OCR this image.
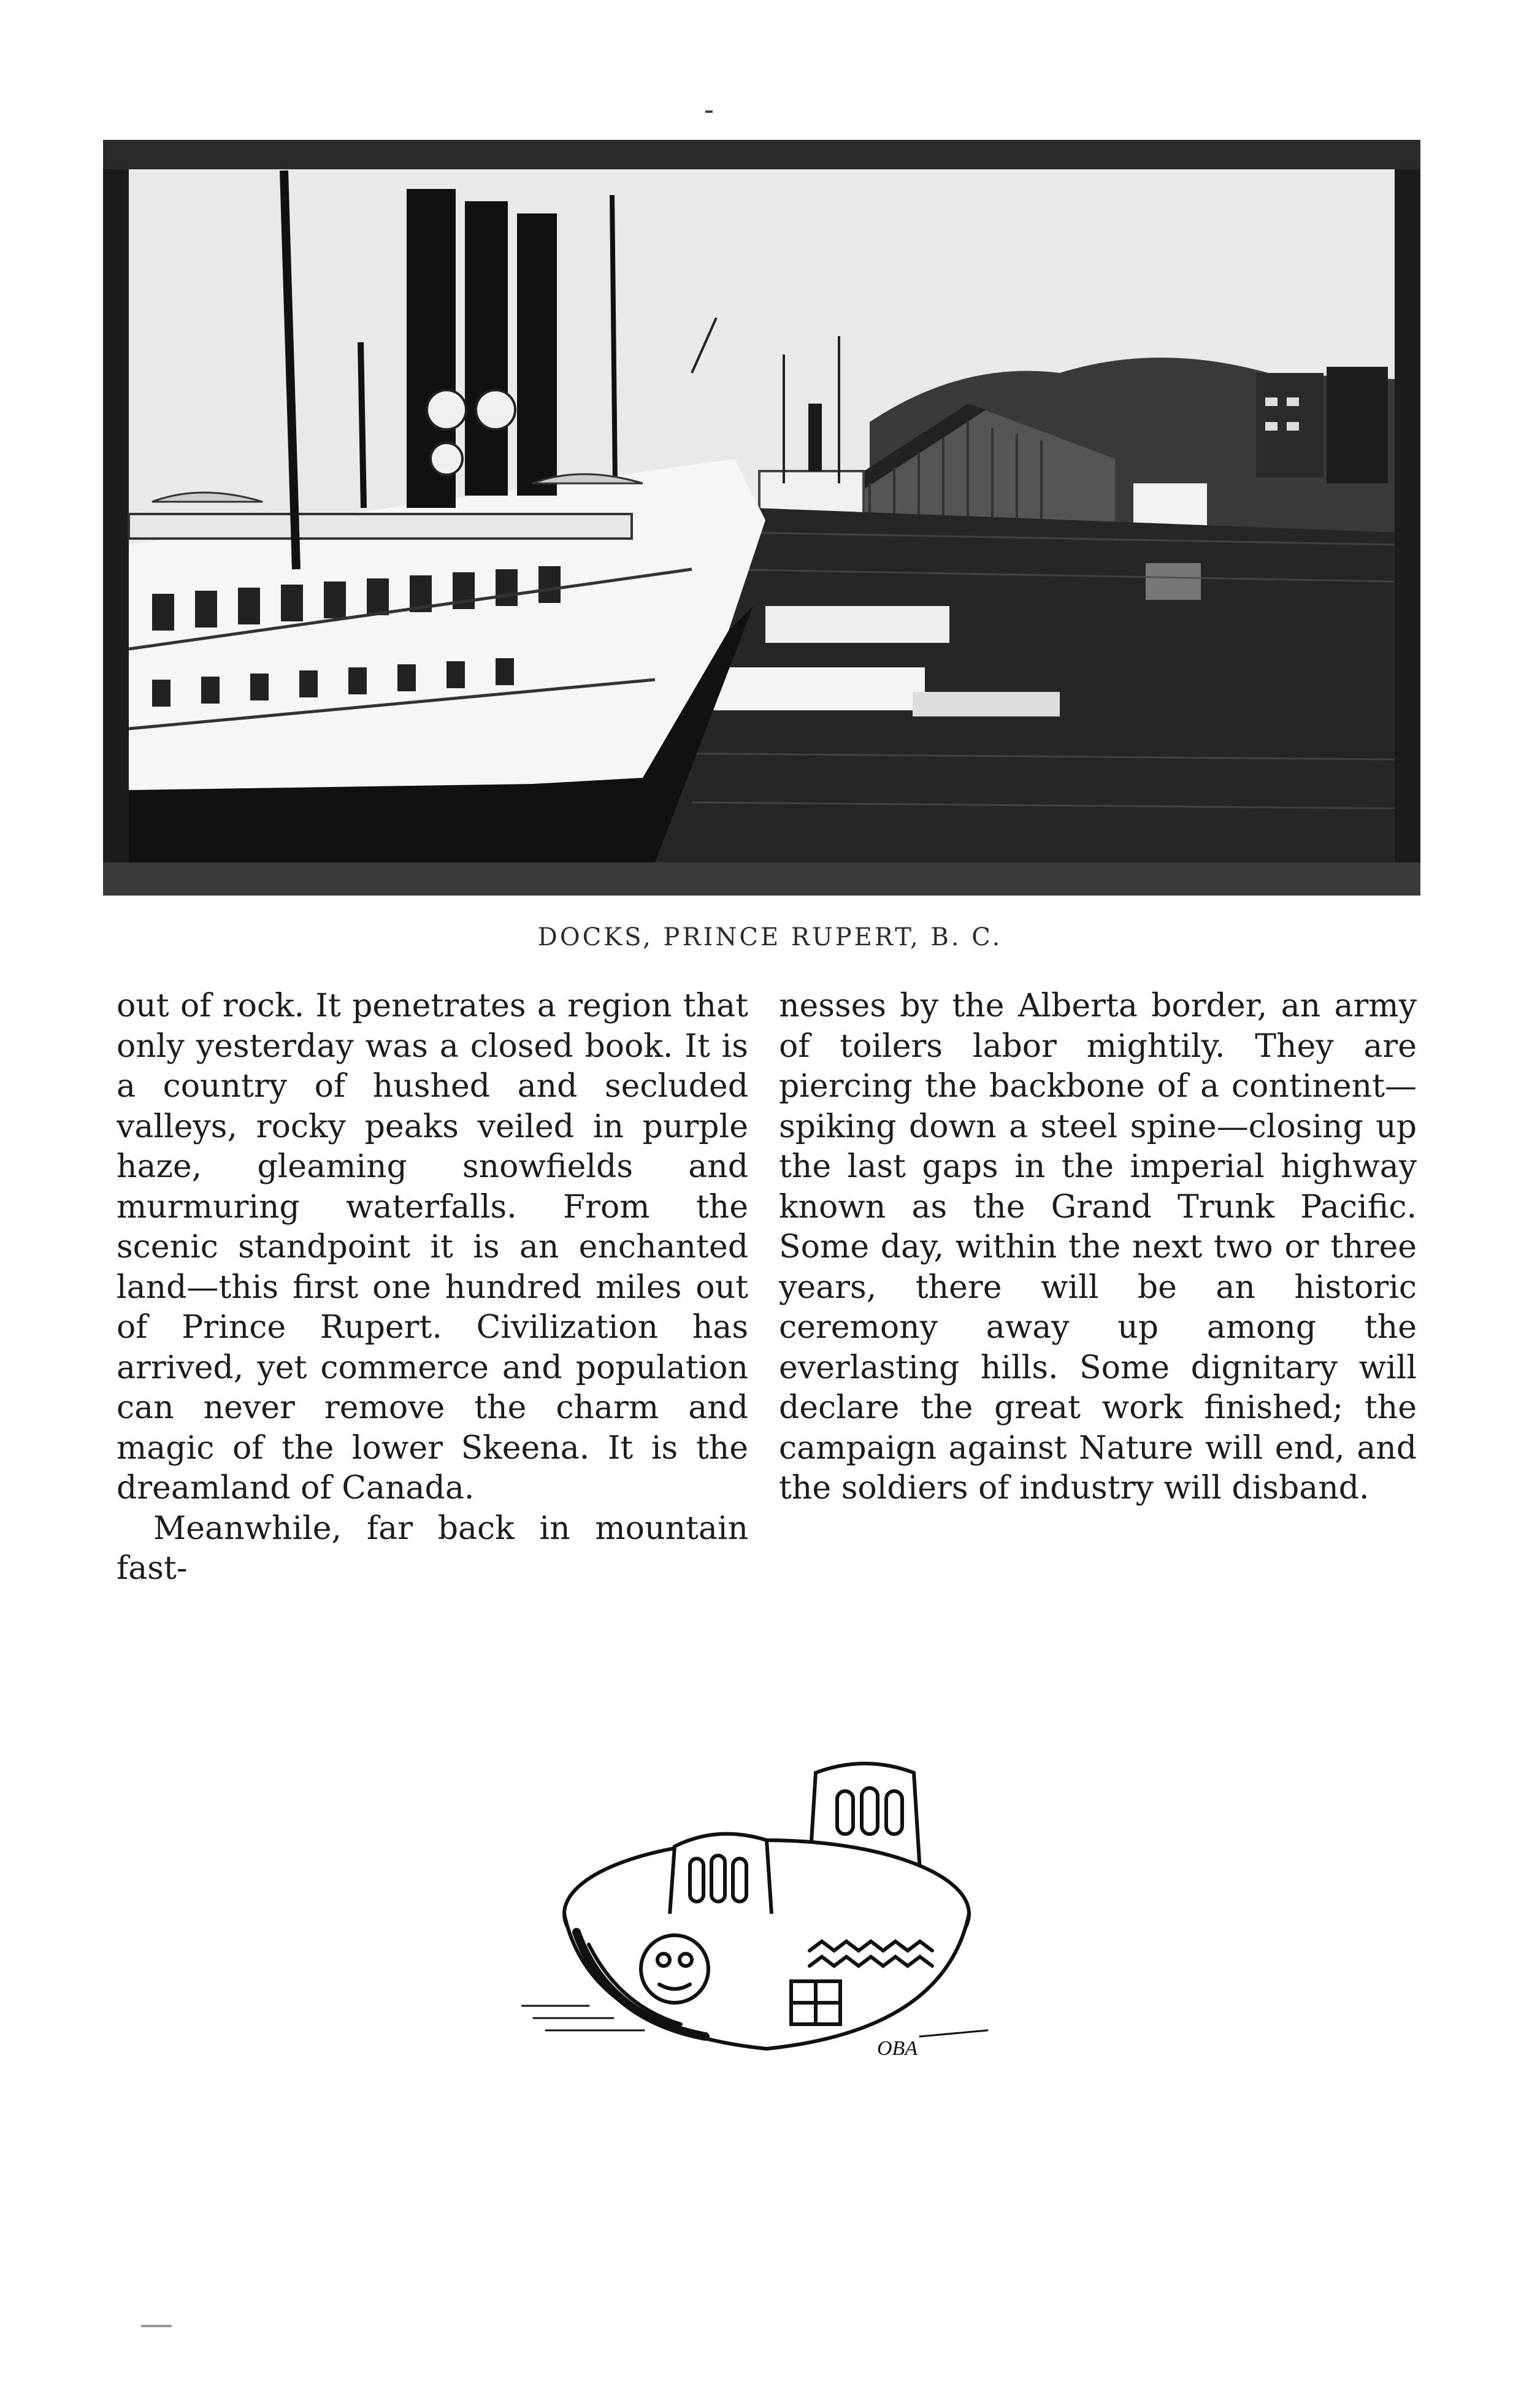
DOCKS, PRINCE RUPERT, B. C.

out of rock. It penetrates a region that only yesterday was a closed book. It is a country of hushed and secluded valleys, rocky peaks veiled in purple haze, gleaming snowfields and murmuring waterfalls. From the scenic standpoint it is an enchanted land—this first one hundred miles out of Prince Rupert. Civilization has arrived, yet commerce and population can never remove the charm and magic of the lower Skeena. It is the dreamland of Canada.

Meanwhile, far back in mountain fast-

nesses by the Alberta border, an army of toilers labor mightily. They are piercing the backbone of a continent—spiking down a steel spine—closing up the last gaps in the imperial highway known as the Grand Trunk Pacific. Some day, within the next two or three years, there will be an historic ceremony away up among the everlasting hills. Some dignitary will declare the great work finished; the campaign against Nature will end, and the soldiers of industry will disband.

OBA
